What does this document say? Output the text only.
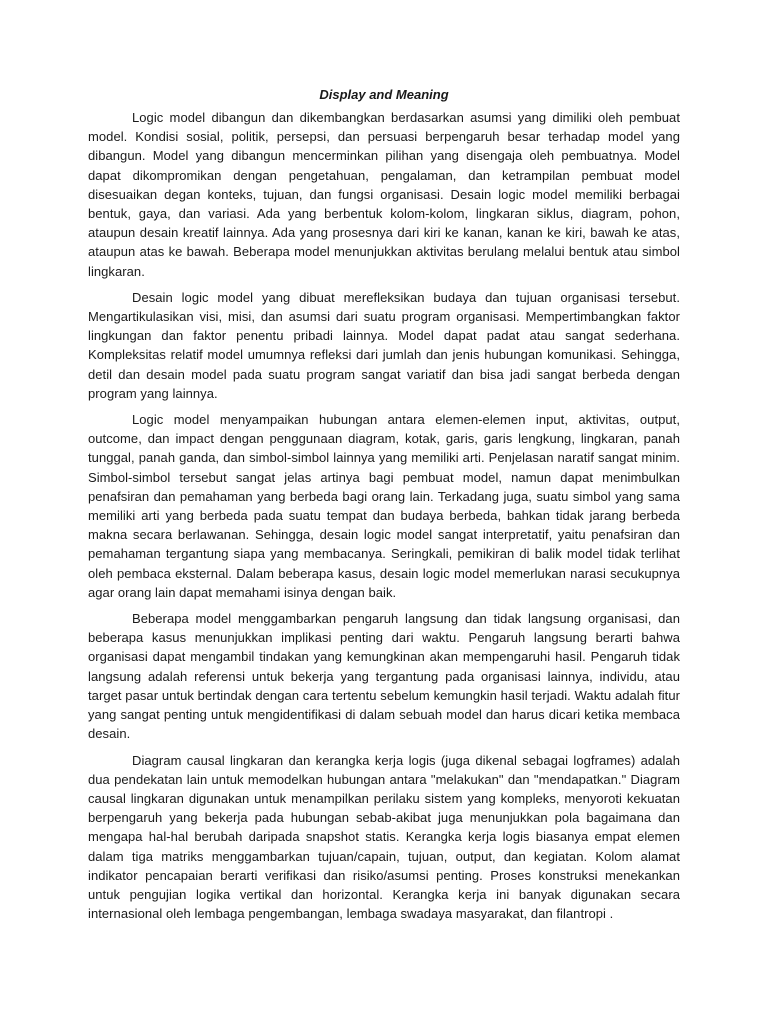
Display and Meaning

Logic model dibangun dan dikembangkan berdasarkan asumsi yang dimiliki oleh pembuat model. Kondisi sosial, politik, persepsi, dan persuasi berpengaruh besar terhadap model yang dibangun. Model yang dibangun mencerminkan pilihan yang disengaja oleh pembuatnya. Model dapat dikompromikan dengan pengetahuan, pengalaman, dan ketrampilan pembuat model disesuaikan degan konteks, tujuan, dan fungsi organisasi. Desain logic model memiliki berbagai bentuk, gaya, dan variasi. Ada yang berbentuk kolom-kolom, lingkaran siklus, diagram, pohon, ataupun desain kreatif lainnya. Ada yang prosesnya dari kiri ke kanan, kanan ke kiri, bawah ke atas, ataupun atas ke bawah. Beberapa model menunjukkan aktivitas berulang melalui bentuk atau simbol lingkaran.

Desain logic model yang dibuat merefleksikan budaya dan tujuan organisasi tersebut. Mengartikulasikan visi, misi, dan asumsi dari suatu program organisasi. Mempertimbangkan faktor lingkungan dan faktor penentu pribadi lainnya. Model dapat padat atau sangat sederhana. Kompleksitas relatif model umumnya refleksi dari jumlah dan jenis hubungan komunikasi. Sehingga, detil dan desain model pada suatu program sangat variatif dan bisa jadi sangat berbeda dengan program yang lainnya.

Logic model menyampaikan hubungan antara elemen-elemen input, aktivitas, output, outcome, dan impact dengan penggunaan diagram, kotak, garis, garis lengkung, lingkaran, panah tunggal, panah ganda, dan simbol-simbol lainnya yang memiliki arti. Penjelasan naratif sangat minim. Simbol-simbol tersebut sangat jelas artinya bagi pembuat model, namun dapat menimbulkan penafsiran dan pemahaman yang berbeda bagi orang lain. Terkadang juga, suatu simbol yang sama memiliki arti yang berbeda pada suatu tempat dan budaya berbeda, bahkan tidak jarang berbeda makna secara berlawanan. Sehingga, desain logic model sangat interpretatif, yaitu penafsiran dan pemahaman tergantung siapa yang membacanya. Seringkali, pemikiran di balik model tidak terlihat oleh pembaca eksternal. Dalam beberapa kasus, desain logic model memerlukan narasi secukupnya agar orang lain dapat memahami isinya dengan baik.

Beberapa model menggambarkan pengaruh langsung dan tidak langsung organisasi, dan beberapa kasus menunjukkan implikasi penting dari waktu. Pengaruh langsung berarti bahwa organisasi dapat mengambil tindakan yang kemungkinan akan mempengaruhi hasil. Pengaruh tidak langsung adalah referensi untuk bekerja yang tergantung pada organisasi lainnya, individu, atau target pasar untuk bertindak dengan cara tertentu sebelum kemungkin hasil terjadi. Waktu adalah fitur yang sangat penting untuk mengidentifikasi di dalam sebuah model dan harus dicari ketika membaca desain.

Diagram causal lingkaran dan kerangka kerja logis (juga dikenal sebagai logframes) adalah dua pendekatan lain untuk memodelkan hubungan antara "melakukan" dan "mendapatkan." Diagram causal lingkaran digunakan untuk menampilkan perilaku sistem yang kompleks, menyoroti kekuatan berpengaruh yang bekerja pada hubungan sebab-akibat juga menunjukkan pola bagaimana dan mengapa hal-hal berubah daripada snapshot statis. Kerangka kerja logis biasanya empat elemen dalam tiga matriks menggambarkan tujuan/capain, tujuan, output, dan kegiatan. Kolom alamat indikator pencapaian berarti verifikasi dan risiko/asumsi penting. Proses konstruksi menekankan untuk pengujian logika vertikal dan horizontal. Kerangka kerja ini banyak digunakan secara internasional oleh lembaga pengembangan, lembaga swadaya masyarakat, dan filantropi .
